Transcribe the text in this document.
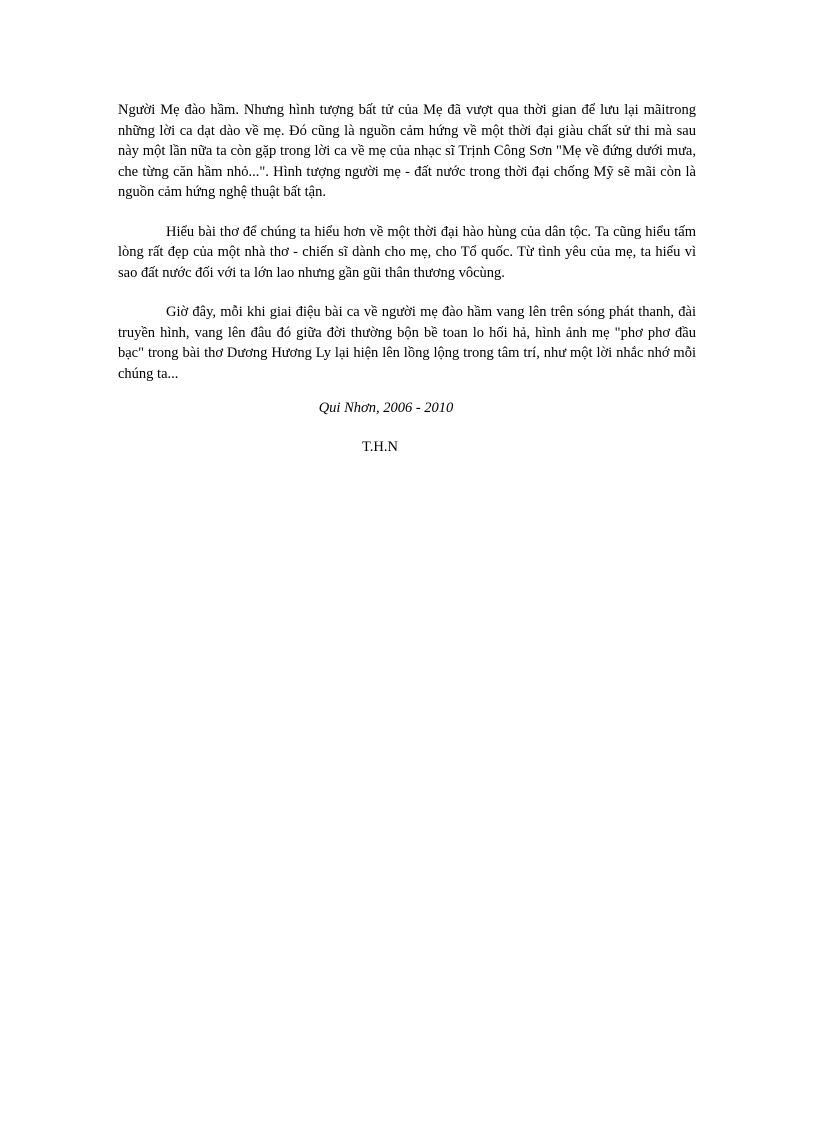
Người Mẹ đào hầm. Nhưng hình tượng bất tử của Mẹ đã vượt qua thời gian để lưu lại mãitrong những lời ca dạt dào về mẹ. Đó cũng là nguồn cảm hứng về một thời đại giàu chất sử thi mà sau này một lần nữa ta còn gặp trong lời ca về mẹ của nhạc sĩ Trịnh Công Sơn "Mẹ về đứng dưới mưa, che từng căn hầm nhỏ...". Hình tượng người mẹ - đất nước trong thời đại chống Mỹ sẽ mãi còn là nguồn cảm hứng nghệ thuật bất tận.

Hiểu bài thơ để chúng ta hiểu hơn về một thời đại hào hùng của dân tộc. Ta cũng hiểu tấm lòng rất đẹp của một nhà thơ - chiến sĩ dành cho mẹ, cho Tổ quốc. Từ tình yêu của mẹ, ta hiểu vì sao đất nước đối với ta lớn lao nhưng gần gũi thân thương vôcùng.

Giờ đây, mỗi khi giai điệu bài ca về người mẹ đào hầm vang lên trên sóng phát thanh, đài truyền hình, vang lên đâu đó giữa đời thường bộn bề toan lo hối hả, hình ảnh mẹ "phơ phơ đầu bạc" trong bài thơ Dương Hương Ly lại hiện lên lồng lộng trong tâm trí, như một lời nhắc nhớ mỗi chúng ta...

Qui Nhơn, 2006 - 2010
T.H.N
